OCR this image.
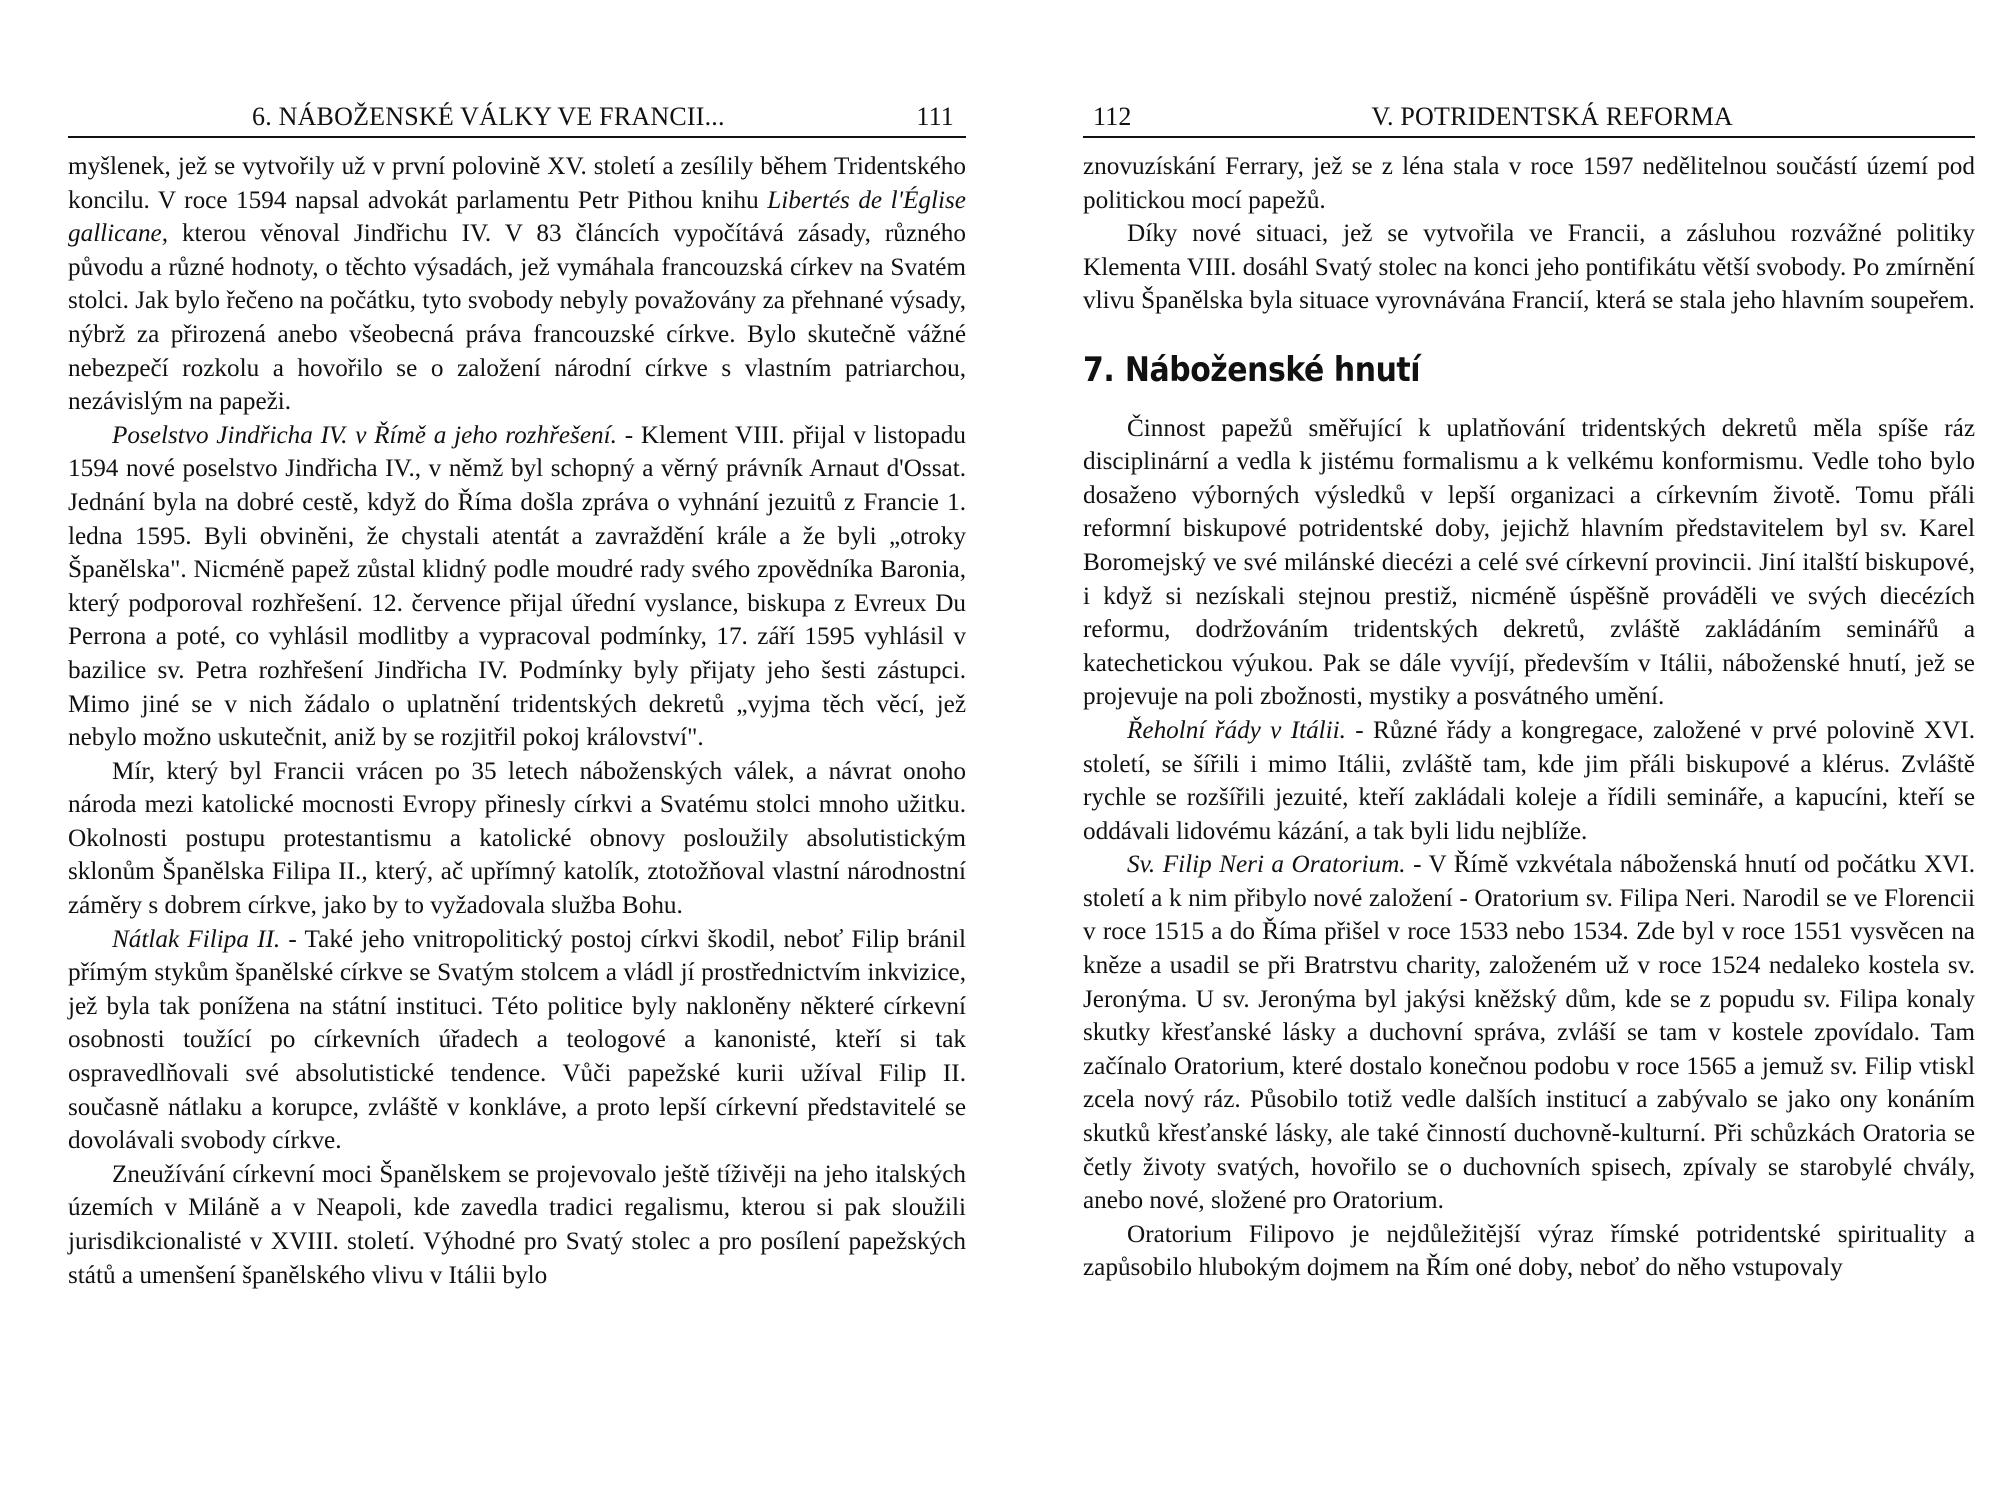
6. NÁBOŽENSKÉ VÁLKY VE FRANCII...	111

myšlenek, jež se vytvořily už v první polovině XV. století a zesílily během Tridentského koncilu. V roce 1594 napsal advokát parlamentu Petr Pithou knihu Libertés de l'Église gallicane, kterou věnoval Jindřichu IV. V 83 článcích vypočítává zásady, různého původu a různé hodnoty, o těchto výsadách, jež vymáhala francouzská církev na Svatém stolci. Jak bylo řečeno na počátku, tyto svobody nebyly považovány za přehnané výsady, nýbrž za přirozená anebo všeobecná práva francouzské církve. Bylo skutečně vážné nebezpečí rozkolu a hovořilo se o založení národní církve s vlastním patriarchou, nezávislým na papeži.

Poselstvo Jindřicha IV. v Římě a jeho rozhřešení. - Klement VIII. přijal v listopadu 1594 nové poselstvo Jindřicha IV., v němž byl schopný a věrný právník Arnaut d'Ossat. Jednání byla na dobré cestě, když do Říma došla zpráva o vyhnání jezuitů z Francie 1. ledna 1595. Byli obviněni, že chystali atentát a zavraždění krále a že byli „otroky Španělska". Nicméně papež zůstal klidný podle moudré rady svého zpovědníka Baronia, který podporoval rozhřešení. 12. července přijal úřední vyslance, biskupa z Evreux Du Perrona a poté, co vyhlásil modlitby a vypracoval podmínky, 17. září 1595 vyhlásil v bazilice sv. Petra rozhřešení Jindřicha IV. Podmínky byly přijaty jeho šesti zástupci. Mimo jiné se v nich žádalo o uplatnění tridentských dekretů „vyjma těch věcí, jež nebylo možno uskutečnit, aniž by se rozjitřil pokoj království".

Mír, který byl Francii vrácen po 35 letech náboženských válek, a návrat onoho národa mezi katolické mocnosti Evropy přinesly církvi a Svatému stolci mnoho užitku. Okolnosti postupu protestantismu a katolické obnovy posloužily absolutistickým sklonům Španělska Filipa II., který, ač upřímný katolík, ztotožňoval vlastní národnostní záměry s dobrem církve, jako by to vyžadovala služba Bohu.

Nátlak Filipa II. - Také jeho vnitropolitický postoj církvi škodil, neboť Filip bránil přímým stykům španělské církve se Svatým stolcem a vládl jí prostřednictvím inkvizice, jež byla tak ponížena na státní instituci. Této politice byly nakloněny některé církevní osobnosti toužící po církevních úřadech a teologové a kanonisté, kteří si tak ospravedlňovali své absolutistické tendence. Vůči papežské kurii užíval Filip II. současně nátlaku a korupce, zvláště v konkláve, a proto lepší církevní představitelé se dovolávali svobody církve.

Zneužívání církevní moci Španělskem se projevovalo ještě tíživěji na jeho italských územích v Miláně a v Neapoli, kde zavedla tradici regalismu, kterou si pak sloužili jurisdikcionalisté v XVIII. století. Výhodné pro Svatý stolec a pro posílení papežských států a umenšení španělského vlivu v Itálii bylo

112	V. POTRIDENTSKÁ REFORMA

znovuzískání Ferrary, jež se z léna stala v roce 1597 nedělitelnou součástí území pod politickou mocí papežů.

Díky nové situaci, jež se vytvořila ve Francii, a zásluhou rozvážné politiky Klementa VIII. dosáhl Svatý stolec na konci jeho pontifikátu větší svobody. Po zmírnění vlivu Španělska byla situace vyrovnávána Francií, která se stala jeho hlavním soupeřem.

7. Náboženské hnutí

Činnost papežů směřující k uplatňování tridentských dekretů měla spíše ráz disciplinární a vedla k jistému formalismu a k velkému konformismu. Vedle toho bylo dosaženo výborných výsledků v lepší organizaci a církevním životě. Tomu přáli reformní biskupové potridentské doby, jejichž hlavním představitelem byl sv. Karel Boromejský ve své milánské diecézi a celé své církevní provincii. Jiní italští biskupové, i když si nezískali stejnou prestiž, nicméně úspěšně prováděli ve svých diecézích reformu, dodržováním tridentských dekretů, zvláště zakládáním seminářů a katechetickou výukou. Pak se dále vyvíjí, především v Itálii, náboženské hnutí, jež se projevuje na poli zbožnosti, mystiky a posvátného umění.

Řeholní řády v Itálii. - Různé řády a kongregace, založené v prvé polovině XVI. století, se šířili i mimo Itálii, zvláště tam, kde jim přáli biskupové a klérus. Zvláště rychle se rozšířili jezuité, kteří zakládali koleje a řídili semináře, a kapucíni, kteří se oddávali lidovému kázání, a tak byli lidu nejblíže.

Sv. Filip Neri a Oratorium. - V Římě vzkvétala náboženská hnutí od počátku XVI. století a k nim přibylo nové založení - Oratorium sv. Filipa Neri. Narodil se ve Florencii v roce 1515 a do Říma přišel v roce 1533 nebo 1534. Zde byl v roce 1551 vysvěcen na kněze a usadil se při Bratrstvu charity, založeném už v roce 1524 nedaleko kostela sv. Jeronýma. U sv. Jeronýma byl jakýsi kněžský dům, kde se z popudu sv. Filipa konaly skutky křesťanské lásky a duchovní správa, zvláší se tam v kostele zpovídalo. Tam začínalo Oratorium, které dostalo konečnou podobu v roce 1565 a jemuž sv. Filip vtiskl zcela nový ráz. Působilo totiž vedle dalších institucí a zabývalo se jako ony konáním skutků křesťanské lásky, ale také činností duchovně-kulturní. Při schůzkách Oratoria se četly životy svatých, hovořilo se o duchovních spisech, zpívaly se starobylé chvály, anebo nové, složené pro Oratorium.

Oratorium Filipovo je nejdůležitější výraz římské potridentské spirituality a zapůsobilo hlubokým dojmem na Řím oné doby, neboť do něho vstupovaly
